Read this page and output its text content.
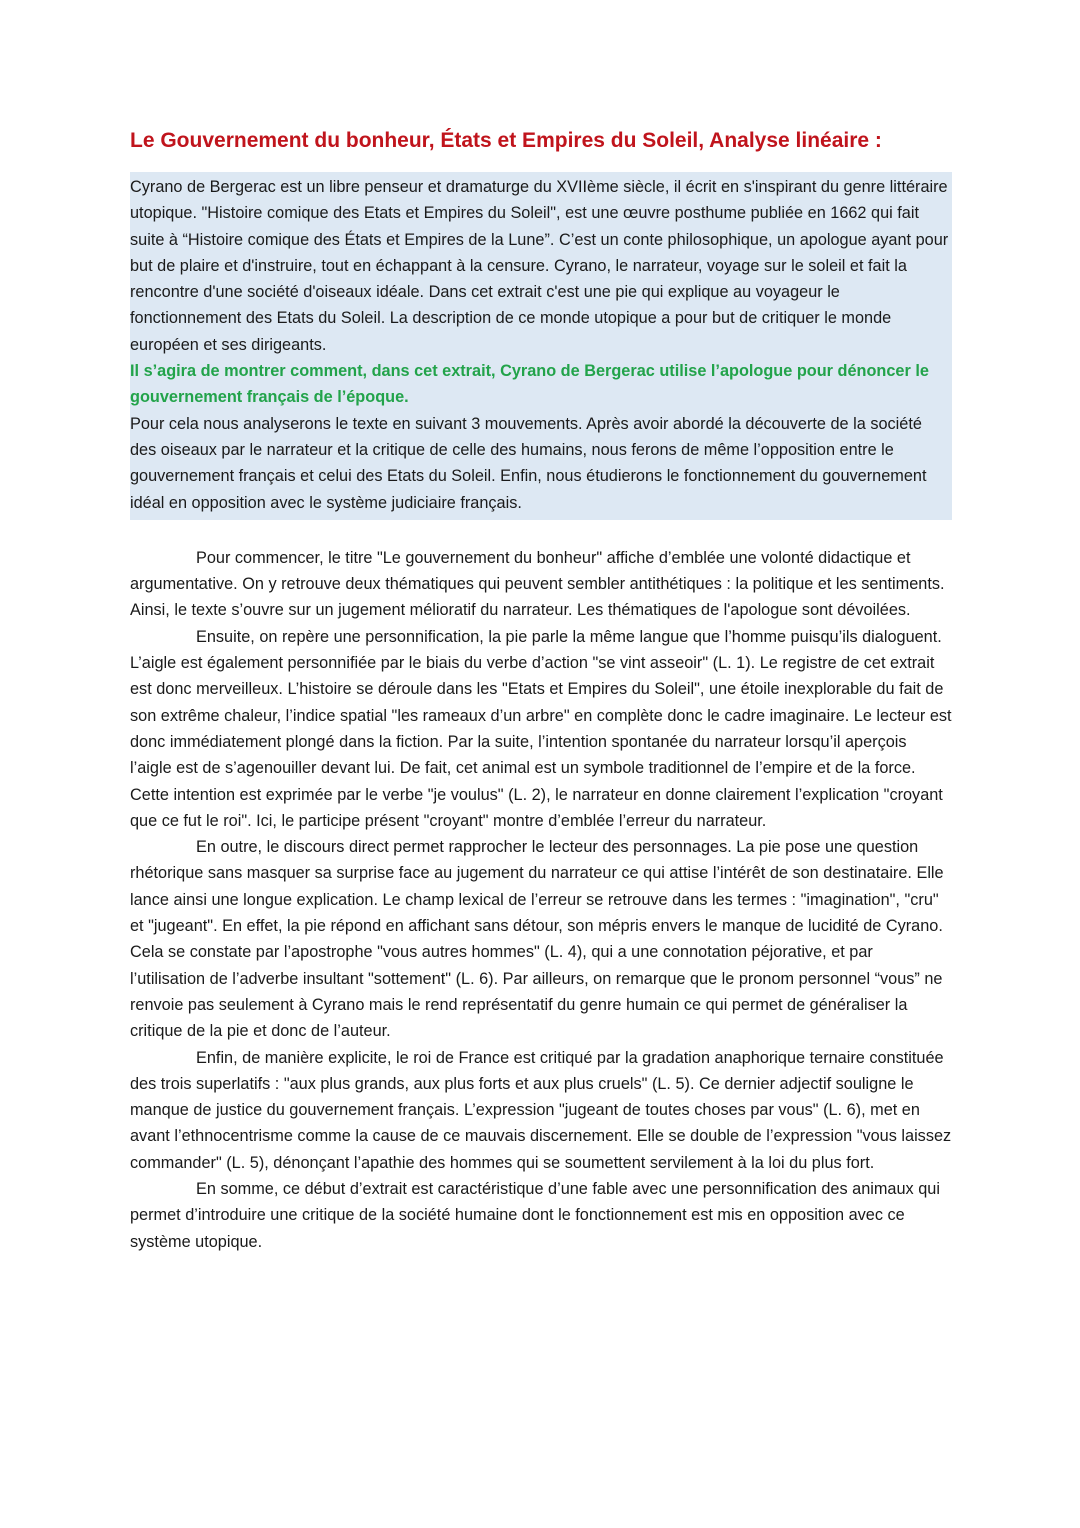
Le Gouvernement du bonheur, États et Empires du Soleil, Analyse linéaire :

Cyrano de Bergerac est un libre penseur et dramaturge du XVIIème siècle, il écrit en s'inspirant du genre littéraire utopique. "Histoire comique des Etats et Empires du Soleil", est une œuvre posthume publiée en 1662 qui fait suite à “Histoire comique des États et Empires de la Lune”. C’est un conte philosophique, un apologue ayant pour but de plaire et d'instruire, tout en échappant à la censure. Cyrano, le narrateur, voyage sur le soleil et fait la rencontre d'une société d'oiseaux idéale. Dans cet extrait c'est une pie qui explique au voyageur le fonctionnement des Etats du Soleil. La description de ce monde utopique a pour but de critiquer le monde européen et ses dirigeants.

Il s’agira de montrer comment, dans cet extrait, Cyrano de Bergerac utilise l’apologue pour dénoncer le gouvernement français de l’époque.

Pour cela nous analyserons le texte en suivant 3 mouvements. Après avoir abordé la découverte de la société des oiseaux par le narrateur et la critique de celle des humains, nous ferons de même l’opposition entre le gouvernement français et celui des Etats du Soleil. Enfin, nous étudierons le fonctionnement du gouvernement idéal en opposition avec le système judiciaire français.

Pour commencer, le titre "Le gouvernement du bonheur" affiche d’emblée une volonté didactique et argumentative. On y retrouve deux thématiques qui peuvent sembler antithétiques : la politique et les sentiments. Ainsi, le texte s’ouvre sur un jugement mélioratif du narrateur. Les thématiques de l'apologue sont dévoilées.

Ensuite, on repère une personnification, la pie parle la même langue que l’homme puisqu’ils dialoguent. L’aigle est également personnifiée par le biais du verbe d’action "se vint asseoir" (L. 1). Le registre de cet extrait est donc merveilleux. L’histoire se déroule dans les "Etats et Empires du Soleil", une étoile inexplorable du fait de son extrême chaleur, l’indice spatial "les rameaux d’un arbre" en complète donc le cadre imaginaire. Le lecteur est donc immédiatement plongé dans la fiction. Par la suite, l’intention spontanée du narrateur lorsqu’il aperçois l’aigle est de s’agenouiller devant lui. De fait, cet animal est un symbole traditionnel de l’empire et de la force. Cette intention est exprimée par le verbe "je voulus" (L. 2), le narrateur en donne clairement l’explication "croyant que ce fut le roi". Ici, le participe présent "croyant" montre d’emblée l’erreur du narrateur.

En outre, le discours direct permet rapprocher le lecteur des personnages. La pie pose une question rhétorique sans masquer sa surprise face au jugement du narrateur ce qui attise l’intérêt de son destinataire. Elle lance ainsi une longue explication. Le champ lexical de l’erreur se retrouve dans les termes : "imagination", "cru" et "jugeant". En effet, la pie répond en affichant sans détour, son mépris envers le manque de lucidité de Cyrano. Cela se constate par l’apostrophe "vous autres hommes" (L. 4), qui a une connotation péjorative, et par l’utilisation de l’adverbe insultant "sottement" (L. 6). Par ailleurs, on remarque que le pronom personnel “vous” ne renvoie pas seulement à Cyrano mais le rend représentatif du genre humain ce qui permet de généraliser la critique de la pie et donc de l’auteur.

Enfin, de manière explicite, le roi de France est critiqué par la gradation anaphorique ternaire constituée des trois superlatifs : "aux plus grands, aux plus forts et aux plus cruels" (L. 5). Ce dernier adjectif souligne le manque de justice du gouvernement français. L’expression "jugeant de toutes choses par vous" (L. 6), met en avant l’ethnocentrisme comme la cause de ce mauvais discernement. Elle se double de l’expression "vous laissez commander" (L. 5), dénonçant l’apathie des hommes qui se soumettent servilement à la loi du plus fort.

En somme, ce début d’extrait est caractéristique d’une fable avec une personnification des animaux qui permet d’introduire une critique de la société humaine dont le fonctionnement est mis en opposition avec ce système utopique.
